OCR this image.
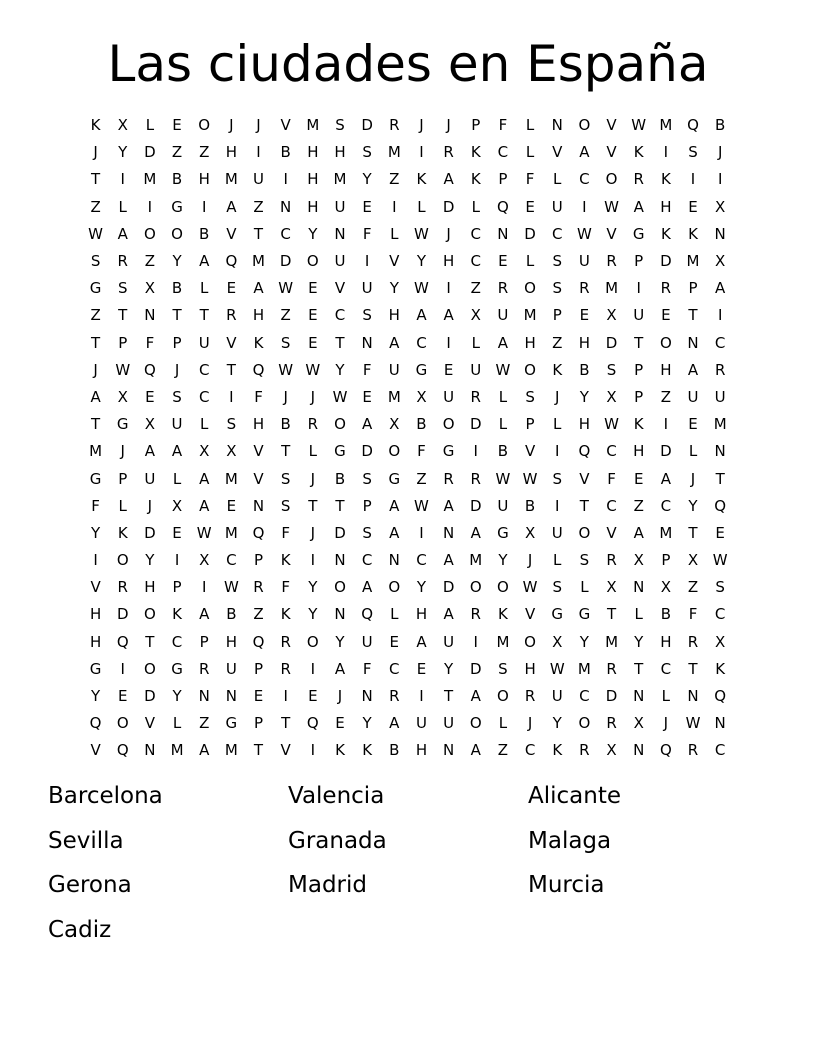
Las ciudades en España
K	X	L	E	O	J	J	V	M	S	D	R	J	J	P	F	L	N	O	V W M Q	B
J	Y	D	Z	Z	H	I	B	H	H	S	M	I	R	K	C	L	V	A	V	K	I	S	J
T	I	M	B	H	M	U	I	H	M	Y	Z	K	A	K	P	F	L	C	O	R	K	I	I
Z	L	I	G	I	A	Z	N	H	U	E	I	L	D	L	Q	E	U	I	W A	H	E	X
W A	O	O	B	V	T	C	Y	N	F	L	W	J	C	N	D	C W V	G	K	K	N
S	R	Z	Y	A	Q M D	O	U	I	V	Y	H	C	E	L	S	U	R	P	D M	X
G	S	X	B	L	E	A W E	V	U	Y	W	I	Z	R	O	S	R	M	I	R	P	A
Z	T	N	T	T	R	H	Z	E	C	S	H	A	A	X	U	M	P	E	X	U	E	T	I
T	P	F	P	U	V	K	S	E	T	N	A	C	I	L	A	H	Z	H	D	T	O	N	C
J	W Q	J	C	T	Q W W	Y	F	U	G	E	U W O	K	B	S	P	H	A	R
A	X	E	S	C	I	F	J	J	W E	M	X	U	R	L	S	J	Y	X	P	Z	U	U
T	G	X	U	L	S	H	B	R	O	A	X	B	O	D	L	P	L	H W K	I	E	M
M	J	A	A	X	X	V	T	L	G	D	O	F	G	I	B	V	I	Q	C	H	D	L	N
G	P	U	L	A	M	V	S	J	B	S	G	Z	R	R W W S	V	F	E	A	J	T
F	L	J	X	A	E	N	S	T	T	P	A W A	D	U	B	I	T	C	Z	C	Y	Q
Y	K	D	E	W M Q	F	J	D	S	A	I	N	A	G	X	U	O	V	A	M	T	E
I	O	Y	I	X	C	P	K	I	N	C	N	C	A	M	Y	J	L	S	R	X	P	X W
V	R	H	P	I	W R	F	Y	O	A	O	Y	D	O	O W S	L	X	N	X	Z	S
H	D	O	K	A	B	Z	K	Y	N	Q	L	H	A	R	K	V	G	G	T	L	B	F	C
H	Q	T	C	P	H	Q	R	O	Y	U	E	A	U	I	M O	X	Y	M	Y	H	R	X
G	I	O	G	R	U	P	R	I	A	F	C	E	Y	D	S	H W M	R	T	C	T	K
Y	E	D	Y	N	N	E	I	E	J	N	R	I	T	A	O	R	U	C	D	N	L	N	Q
Q	O	V	L	Z	G	P	T	Q	E	Y	A	U	U	O	L	J	Y	O	R	X	J	W N
V	Q	N	M	A	M	T	V	I	K	K	B	H	N	A	Z	C	K	R	X	N	Q	R	C
Barcelona	Valencia	Alicante
Sevilla	Granada	Malaga
Gerona	Madrid	Murcia
Cadiz
